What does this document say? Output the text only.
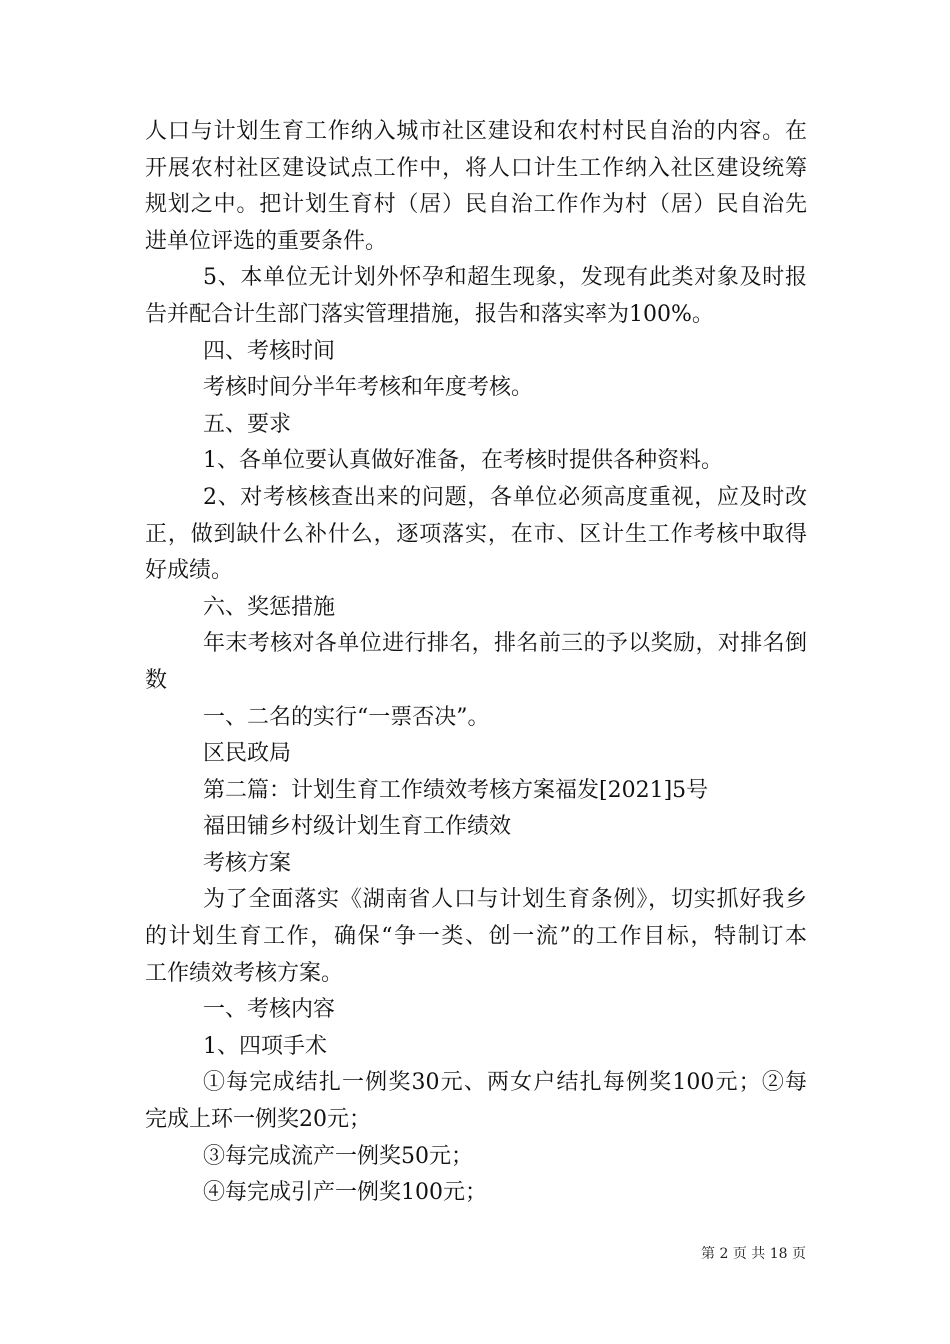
人口与计划生育工作纳入城市社区建设和农村村民自治的内容。在
开展农村社区建设试点工作中，将人口计生工作纳入社区建设统筹
规划之中。把计划生育村（居）民自治工作作为村（居）民自治先
进单位评选的重要条件。
5、本单位无计划外怀孕和超生现象，发现有此类对象及时报
告并配合计生部门落实管理措施，报告和落实率为100%。
四、考核时间
考核时间分半年考核和年度考核。
五、要求
1、各单位要认真做好准备，在考核时提供各种资料。
2、对考核核查出来的问题，各单位必须高度重视，应及时改
正，做到缺什么补什么，逐项落实，在市、区计生工作考核中取得
好成绩。
六、奖惩措施
年末考核对各单位进行排名，排名前三的予以奖励，对排名倒
数
一、二名的实行“一票否决”。
区民政局
第二篇：计划生育工作绩效考核方案福发[2021]5号
福田铺乡村级计划生育工作绩效
考核方案
为了全面落实《湖南省人口与计划生育条例》，切实抓好我乡
的计划生育工作，确保“争一类、创一流”的工作目标，特制订本
工作绩效考核方案。
一、考核内容
1、四项手术
①每完成结扎一例奖30元、两女户结扎每例奖100元；②每
完成上环一例奖20元；
③每完成流产一例奖50元；
④每完成引产一例奖100元；
第 2 页 共 18 页
